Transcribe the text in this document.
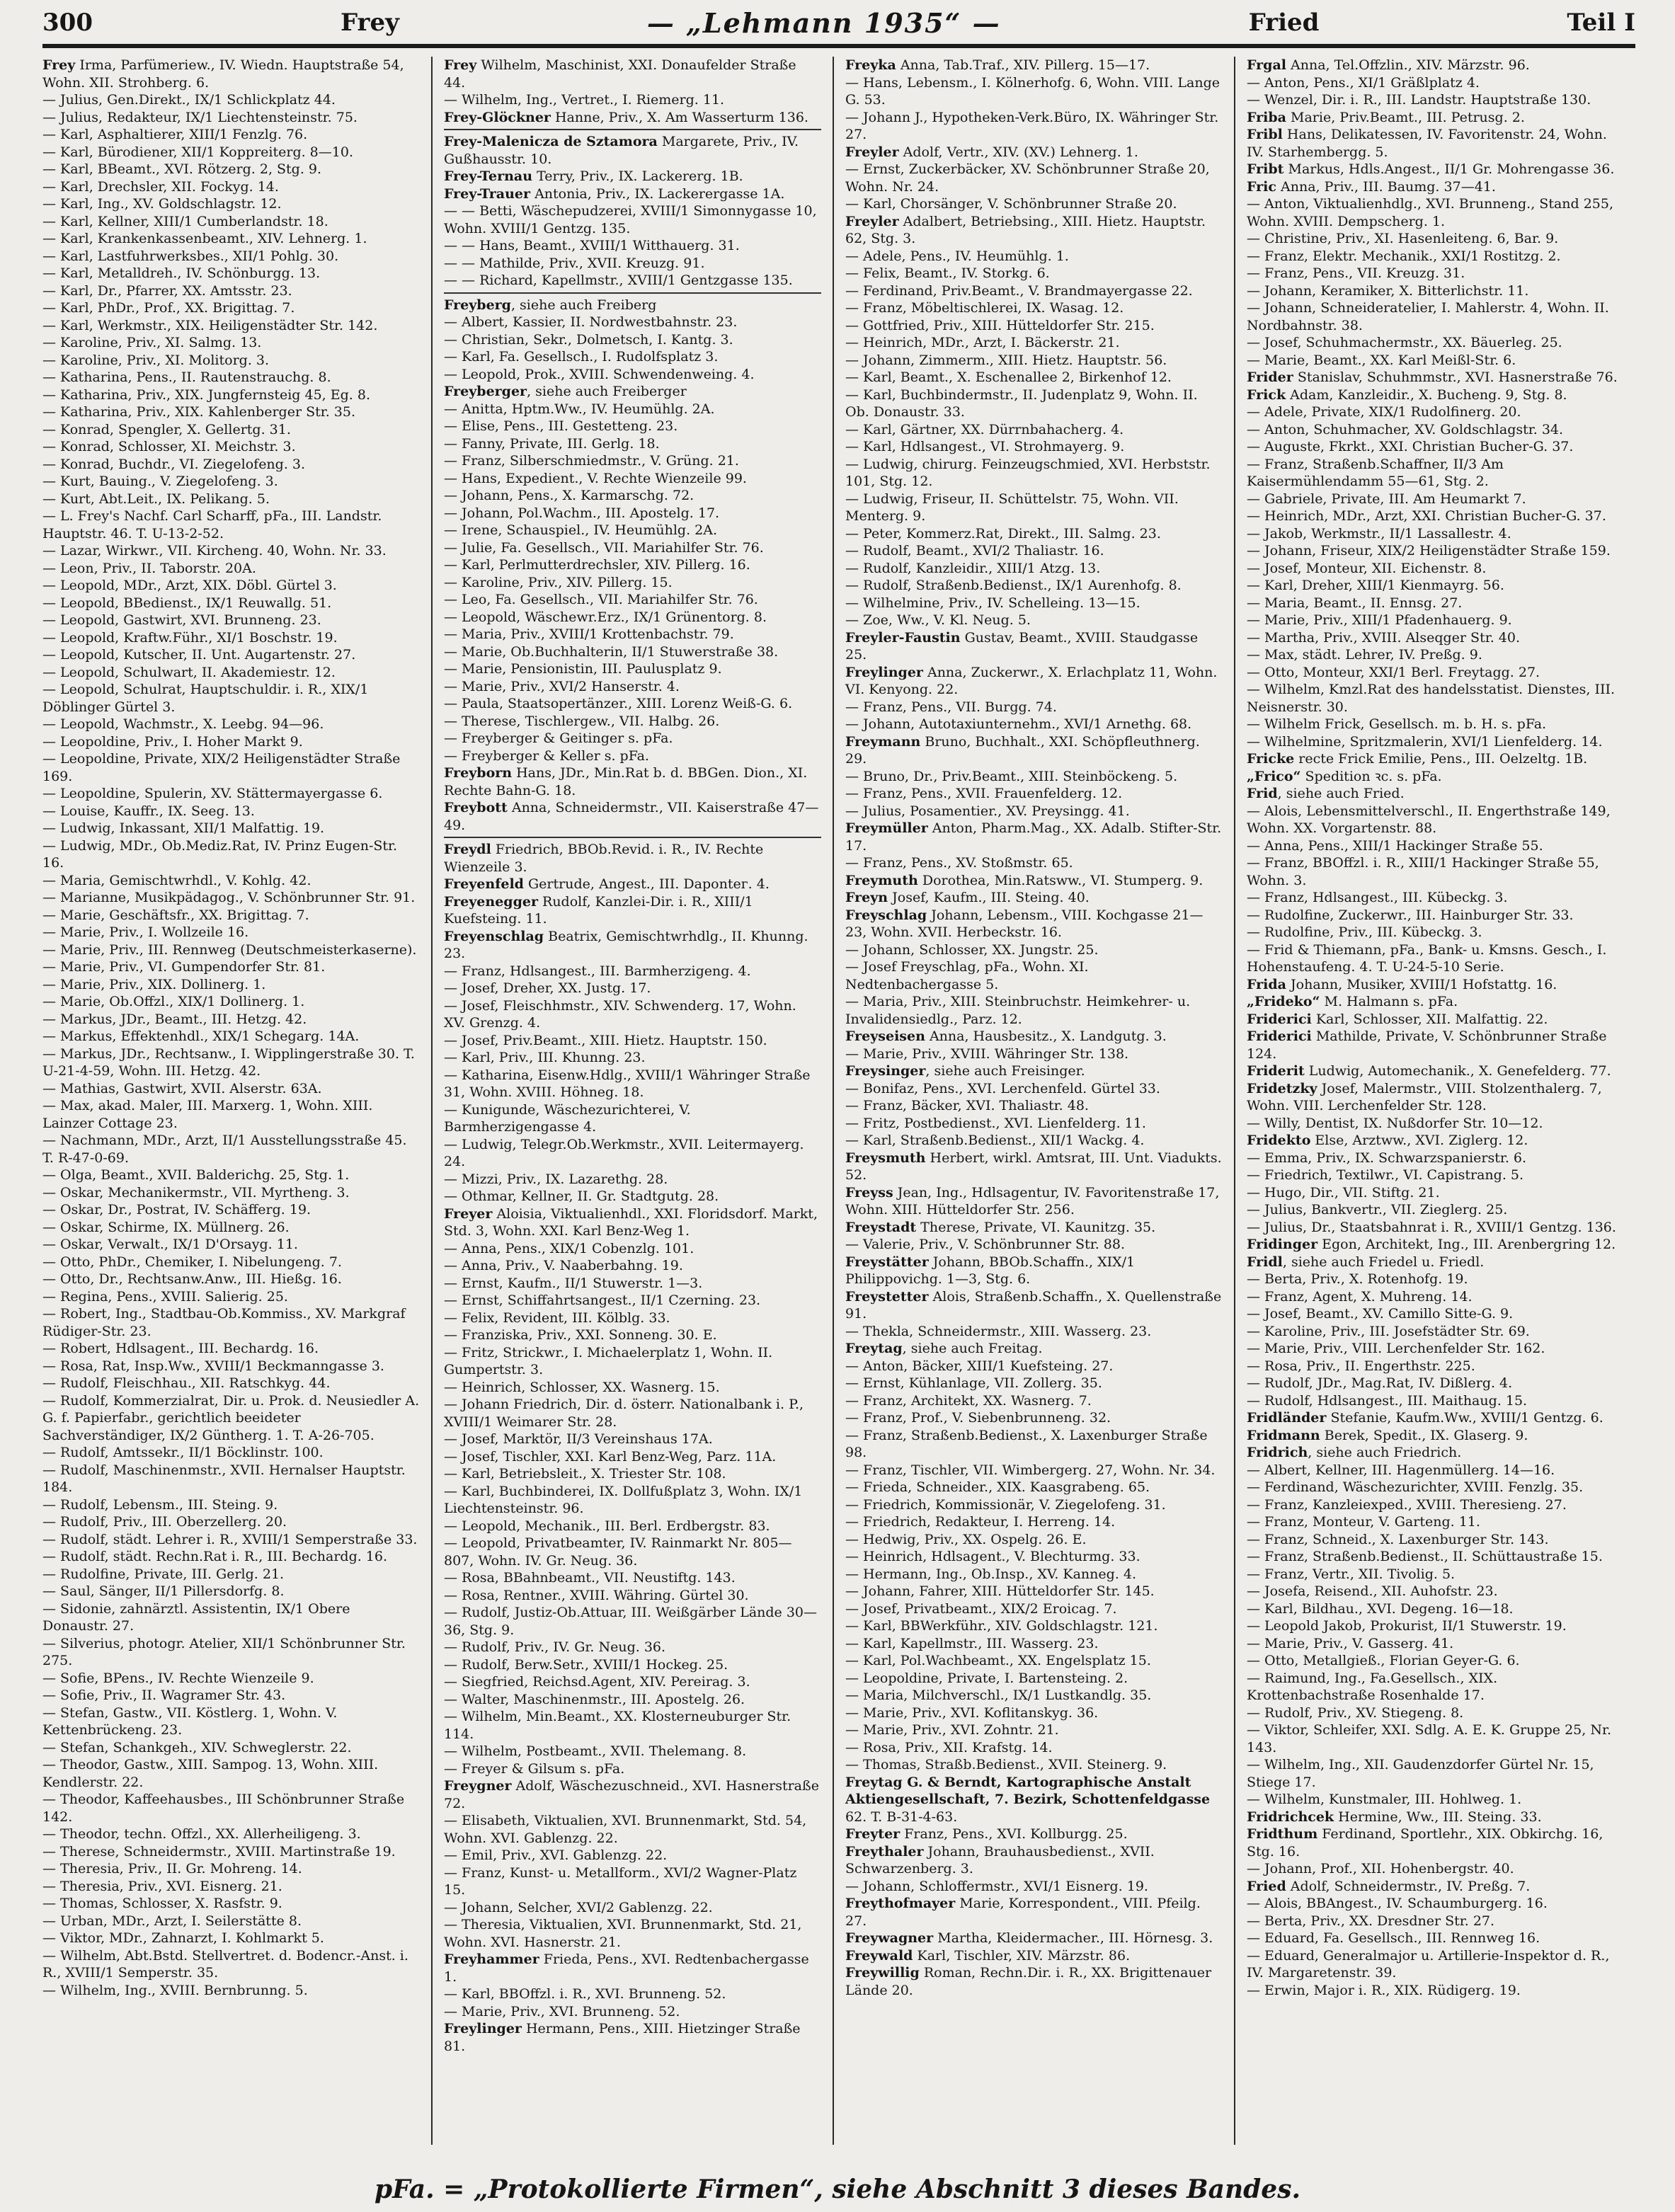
300	Frey	— „Lehmann 1935“ —	Fried	Teil I
Frey Irma, Parfümeriew., IV. Wiedn. Hauptstraße 54, Wohn. XII. Strohberg. 6.
— Julius, Gen.Direkt., IX/1 Schlickplatz 44.
— Julius, Redakteur, IX/1 Liechtensteinstr. 75.
— Karl, Asphaltierer, XIII/1 Fenzlg. 76.
— Karl, Bürodiener, XII/1 Koppreiterg. 8—10.
— Karl, BBeamt., XVI. Rötzerg. 2, Stg. 9.
— Karl, Drechsler, XII. Fockyg. 14.
— Karl, Ing., XV. Goldschlagstr. 12.
— Karl, Kellner, XIII/1 Cumberlandstr. 18.
— Karl, Krankenkassenbeamt., XIV. Lehnerg. 1.
— Karl, Lastfuhrwerksbes., XII/1 Pohlg. 30.
— Karl, Metalldreh., IV. Schönburgg. 13.
— Karl, Dr., Pfarrer, XX. Amtsstr. 23.
— Karl, PhDr., Prof., XX. Brigittag. 7.
— Karl, Werkmstr., XIX. Heiligenstädter Str. 142.
— Karoline, Priv., XI. Salmg. 13.
— Karoline, Priv., XI. Molitorg. 3.
— Katharina, Pens., II. Rautenstrauchg. 8.
— Katharina, Priv., XIX. Jungfernsteig 45, Eg. 8.
— Katharina, Priv., XIX. Kahlenberger Str. 35.
— Konrad, Spengler, X. Gellertg. 31.
— Konrad, Schlosser, XI. Meichstr. 3.
— Konrad, Buchdr., VI. Ziegelofeng. 3.
— Kurt, Bauing., V. Ziegelofeng. 3.
— Kurt, Abt.Leit., IX. Pelikang. 5.
— L. Frey's Nachf. Carl Scharff, pFa., III. Landstr. Hauptstr. 46. T. U-13-2-52.
— Lazar, Wirkwr., VII. Kircheng. 40, Wohn. Nr. 33.
— Leon, Priv., II. Taborstr. 20A.
— Leopold, MDr., Arzt, XIX. Döbl. Gürtel 3.
— Leopold, BBedienst., IX/1 Reuwallg. 51.
— Leopold, Gastwirt, XVI. Brunneng. 23.
— Leopold, Kraftw.Führ., XI/1 Boschstr. 19.
— Leopold, Kutscher, II. Unt. Augartenstr. 27.
— Leopold, Schulwart, II. Akademiestr. 12.
— Leopold, Schulrat, Hauptschuldir. i. R., XIX/1 Döblinger Gürtel 3.
— Leopold, Wachmstr., X. Leebg. 94—96.
— Leopoldine, Priv., I. Hoher Markt 9.
— Leopoldine, Private, XIX/2 Heiligenstädter Straße 169.
— Leopoldine, Spulerin, XV. Stättermayergasse 6.
— Louise, Kauffr., IX. Seeg. 13.
— Ludwig, Inkassant, XII/1 Malfattig. 19.
— Ludwig, MDr., Ob.Mediz.Rat, IV. Prinz Eugen-Str. 16.
— Maria, Gemischtwrhdl., V. Kohlg. 42.
— Marianne, Musikpädagog., V. Schönbrunner Str. 91.
— Marie, Geschäftsfr., XX. Brigittag. 7.
— Marie, Priv., I. Wollzeile 16.
— Marie, Priv., III. Rennweg (Deutschmeisterkaserne).
— Marie, Priv., VI. Gumpendorfer Str. 81.
— Marie, Priv., XIX. Dollinerg. 1.
— Marie, Ob.Offzl., XIX/1 Dollinerg. 1.
— Markus, JDr., Beamt., III. Hetzg. 42.
— Markus, Effektenhdl., XIX/1 Schegarg. 14A.
— Markus, JDr., Rechtsanw., I. Wipplingerstraße 30. T. U-21-4-59, Wohn. III. Hetzg. 42.
— Mathias, Gastwirt, XVII. Alserstr. 63A.
— Max, akad. Maler, III. Marxerg. 1, Wohn. XIII. Lainzer Cottage 23.
— Nachmann, MDr., Arzt, II/1 Ausstellungsstraße 45. T. R-47-0-69.
— Olga, Beamt., XVII. Balderichg. 25, Stg. 1.
— Oskar, Mechanikermstr., VII. Myrtheng. 3.
— Oskar, Dr., Postrat, IV. Schäfferg. 19.
— Oskar, Schirme, IX. Müllnerg. 26.
— Oskar, Verwalt., IX/1 D'Orsayg. 11.
— Otto, PhDr., Chemiker, I. Nibelungeng. 7.
— Otto, Dr., Rechtsanw.Anw., III. Hießg. 16.
— Regina, Pens., XVIII. Salierig. 25.
— Robert, Ing., Stadtbau-Ob.Kommiss., XV. Markgraf Rüdiger-Str. 23.
— Robert, Hdlsagent., III. Bechardg. 16.
— Rosa, Rat, Insp.Ww., XVIII/1 Beckmanngasse 3.
— Rudolf, Fleischhau., XII. Ratschkyg. 44.
— Rudolf, Kommerzialrat, Dir. u. Prok. d. Neusiedler A. G. f. Papierfabr., gerichtlich beeideter Sachverständiger, IX/2 Güntherg. 1. T. A-26-705.
— Rudolf, Amtssekr., II/1 Böcklinstr. 100.
— Rudolf, Maschinenmstr., XVII. Hernalser Hauptstr. 184.
— Rudolf, Lebensm., III. Steing. 9.
— Rudolf, Priv., III. Oberzellerg. 20.
— Rudolf, städt. Lehrer i. R., XVIII/1 Semperstraße 33.
— Rudolf, städt. Rechn.Rat i. R., III. Bechardg. 16.
— Rudolfine, Private, III. Gerlg. 21.
— Saul, Sänger, II/1 Pillersdorfg. 8.
— Sidonie, zahnärztl. Assistentin, IX/1 Obere Donaustr. 27.
— Silverius, photogr. Atelier, XII/1 Schönbrunner Str. 275.
— Sofie, BPens., IV. Rechte Wienzeile 9.
— Sofie, Priv., II. Wagramer Str. 43.
— Stefan, Gastw., VII. Köstlerg. 1, Wohn. V. Kettenbrückeng. 23.
— Stefan, Schankgeh., XIV. Schweglerstr. 22.
— Theodor, Gastw., XIII. Sampog. 13, Wohn. XIII. Kendlerstr. 22.
— Theodor, Kaffeehausbes., III Schönbrunner Straße 142.
— Theodor, techn. Offzl., XX. Allerheiligeng. 3.
— Therese, Schneidermstr., XVIII. Martinstraße 19.
— Theresia, Priv., II. Gr. Mohreng. 14.
— Theresia, Priv., XVI. Eisnerg. 21.
— Thomas, Schlosser, X. Rasfstr. 9.
— Urban, MDr., Arzt, I. Seilerstätte 8.
— Viktor, MDr., Zahnarzt, I. Kohlmarkt 5.
— Wilhelm, Abt.Bstd. Stellvertret. d. Bodencr.-Anst. i. R., XVIII/1 Semperstr. 35.
— Wilhelm, Ing., XVIII. Bernbrunng. 5.
Frey Wilhelm, Maschinist, XXI. Donaufelder Straße 44.
— Wilhelm, Ing., Vertret., I. Riemerg. 11.
Frey-Glöckner Hanne, Priv., X. Am Wasserturm 136.
Frey-Malenicza de Sztamora Margarete, Priv., IV. Gußhausstr. 10.
Frey-Ternau Terry, Priv., IX. Lackererg. 1B.
Frey-Trauer Antonia, Priv., IX. Lackerergasse 1A.
— — Betti, Wäschepudzerei, XVIII/1 Simonnygasse 10, Wohn. XVIII/1 Gentzg. 135.
— — Hans, Beamt., XVIII/1 Witthauerg. 31.
— — Mathilde, Priv., XVII. Kreuzg. 91.
— — Richard, Kapellmstr., XVIII/1 Gentzgasse 135.
Freyberg, siehe auch Freiberg
— Albert, Kassier, II. Nordwestbahnstr. 23.
— Christian, Sekr., Dolmetsch, I. Kantg. 3.
— Karl, Fa. Gesellsch., I. Rudolfsplatz 3.
— Leopold, Prok., XVIII. Schwendenweing. 4.
Freyberger, siehe auch Freiberger
— Anitta, Hptm.Ww., IV. Heumühlg. 2A.
— Elise, Pens., III. Gestetteng. 23.
— Fanny, Private, III. Gerlg. 18.
— Franz, Silberschmiedmstr., V. Grüng. 21.
— Hans, Expedient., V. Rechte Wienzeile 99.
— Johann, Pens., X. Karmarschg. 72.
— Johann, Pol.Wachm., III. Apostelg. 17.
— Irene, Schauspiel., IV. Heumühlg. 2A.
— Julie, Fa. Gesellsch., VII. Mariahilfer Str. 76.
— Karl, Perlmutterdrechsler, XIV. Pillerg. 16.
— Karoline, Priv., XIV. Pillerg. 15.
— Leo, Fa. Gesellsch., VII. Mariahilfer Str. 76.
— Leopold, Wäschewr.Erz., IX/1 Grünentorg. 8.
— Maria, Priv., XVIII/1 Krottenbachstr. 79.
— Marie, Ob.Buchhalterin, II/1 Stuwerstraße 38.
— Marie, Pensionistin, III. Paulusplatz 9.
— Marie, Priv., XVI/2 Hanserstr. 4.
— Paula, Staatsopertänzer., XIII. Lorenz Weiß-G. 6.
— Therese, Tischlergew., VII. Halbg. 26.
— Freyberger & Geitinger s. pFa.
— Freyberger & Keller s. pFa.
Freyborn Hans, JDr., Min.Rat b. d. BBGen. Dion., XI. Rechte Bahn-G. 18.
Freybott Anna, Schneidermstr., VII. Kaiserstraße 47—49.
Freydl Friedrich, BBOb.Revid. i. R., IV. Rechte Wienzeile 3.
Freyenfeld Gertrude, Angest., III. Dapontег. 4.
Freyenegger Rudolf, Kanzlei-Dir. i. R., XIII/1 Kuefsteing. 11.
Freyenschlag Beatrix, Gemischtwrhdlg., II. Khunng. 23.
— Franz, Hdlsangest., III. Barmherzigeng. 4.
— Josef, Dreher, XX. Justg. 17.
— Josef, Fleischhmstr., XIV. Schwenderg. 17, Wohn. XV. Grenzg. 4.
— Josef, Priv.Beamt., XIII. Hietz. Hauptstr. 150.
— Karl, Priv., III. Khunng. 23.
— Katharina, Eisenw.Hdlg., XVIII/1 Währinger Straße 31, Wohn. XVIII. Höhneg. 18.
— Kunigunde, Wäschezurichterei, V. Barmherzigengasse 4.
— Ludwig, Telegr.Ob.Werkmstr., XVII. Leitermayerg. 24.
— Mizzi, Priv., IX. Lazarethg. 28.
— Othmar, Kellner, II. Gr. Stadtgutg. 28.
Freyer Aloisia, Viktualienhdl., XXI. Floridsdorf. Markt, Std. 3, Wohn. XXI. Karl Benz-Weg 1.
— Anna, Pens., XIX/1 Cobenzlg. 101.
— Anna, Priv., V. Naaberbahng. 19.
— Ernst, Kaufm., II/1 Stuwerstr. 1—3.
— Ernst, Schiffahrtsangest., II/1 Czerning. 23.
— Felix, Revident, III. Kölblg. 33.
— Franziska, Priv., XXI. Sonneng. 30. E.
— Fritz, Strickwr., I. Michaelerplatz 1, Wohn. II. Gumpertstr. 3.
— Heinrich, Schlosser, XX. Wasnerg. 15.
— Johann Friedrich, Dir. d. österr. Nationalbank i. P., XVIII/1 Weimarer Str. 28.
— Josef, Marktör, II/3 Vereinshaus 17A.
— Josef, Tischler, XXI. Karl Benz-Weg, Parz. 11A.
— Karl, Betriebsleit., X. Triester Str. 108.
— Karl, Buchbinderei, IX. Dollfußplatz 3, Wohn. IX/1 Liechtensteinstr. 96.
— Leopold, Mechanik., III. Berl. Erdbergstr. 83.
— Leopold, Privatbeamter, IV. Rainmarkt Nr. 805—807, Wohn. IV. Gr. Neug. 36.
— Rosa, BBahnbeamt., VII. Neustiftg. 143.
— Rosa, Rentner., XVIII. Währing. Gürtel 30.
— Rudolf, Justiz-Ob.Attuar, III. Weißgärber Lände 30—36, Stg. 9.
— Rudolf, Priv., IV. Gr. Neug. 36.
— Rudolf, Berw.Setr., XVIII/1 Hockeg. 25.
— Siegfried, Reichsd.Agent, XIV. Pereirag. 3.
— Walter, Maschinenmstr., III. Apostelg. 26.
— Wilhelm, Min.Beamt., XX. Klosterneuburger Str. 114.
— Wilhelm, Postbeamt., XVII. Thelemang. 8.
— Freyer & Gilsum s. pFa.
Freygner Adolf, Wäschezuschneid., XVI. Hasnerstraße 72.
— Elisabeth, Viktualien, XVI. Brunnenmarkt, Std. 54, Wohn. XVI. Gablenzg. 22.
— Emil, Priv., XVI. Gablenzg. 22.
— Franz, Kunst- u. Metallform., XVI/2 Wagner-Platz 15.
— Johann, Selcher, XVI/2 Gablenzg. 22.
— Theresia, Viktualien, XVI. Brunnenmarkt, Std. 21, Wohn. XVI. Hasnerstr. 21.
Freyhammer Frieda, Pens., XVI. Redtenbachergasse 1.
— Karl, BBOffzl. i. R., XVI. Brunneng. 52.
— Marie, Priv., XVI. Brunneng. 52.
Freylinger Hermann, Pens., XIII. Hietzinger Straße 81.
Freyka Anna, Tab.Traf., XIV. Pillerg. 15—17.
— Hans, Lebensm., I. Kölnerhofg. 6, Wohn. VIII. Lange G. 53.
— Johann J., Hypotheken-Verk.Büro, IX. Währinger Str. 27.
Freyler Adolf, Vertr., XIV. (XV.) Lehnerg. 1.
— Ernst, Zuckerbäcker, XV. Schönbrunner Straße 20, Wohn. Nr. 24.
— Karl, Chorsänger, V. Schönbrunner Straße 20.
Freyler Adalbert, Betriebsing., XIII. Hietz. Hauptstr. 62, Stg. 3.
— Adele, Pens., IV. Heumühlg. 1.
— Felix, Beamt., IV. Storkg. 6.
— Ferdinand, Priv.Beamt., V. Brandmayergasse 22.
— Franz, Möbeltischlerei, IX. Wasag. 12.
— Gottfried, Priv., XIII. Hütteldorfer Str. 215.
— Heinrich, MDr., Arzt, I. Bäckerstr. 21.
— Johann, Zimmerm., XIII. Hietz. Hauptstr. 56.
— Karl, Beamt., X. Eschenallee 2, Birkenhof 12.
— Karl, Buchbindermstr., II. Judenplatz 9, Wohn. II. Ob. Donaustr. 33.
— Karl, Gärtner, XX. Dürrnbahacherg. 4.
— Karl, Hdlsangest., VI. Strohmayerg. 9.
— Ludwig, chirurg. Feinzeugschmied, XVI. Herbststr. 101, Stg. 12.
— Ludwig, Friseur, II. Schüttelstr. 75, Wohn. VII. Menterg. 9.
— Peter, Kommerz.Rat, Direkt., III. Salmg. 23.
— Rudolf, Beamt., XVI/2 Thaliastr. 16.
— Rudolf, Kanzleidir., XIII/1 Atzg. 13.
— Rudolf, Straßenb.Bedienst., IX/1 Aurenhofg. 8.
— Wilhelmine, Priv., IV. Schelleing. 13—15.
— Zoe, Ww., V. Kl. Neug. 5.
Freyler-Faustin Gustav, Beamt., XVIII. Staudgasse 25.
Freylinger Anna, Zuckerwr., X. Erlachplatz 11, Wohn. VI. Kenyong. 22.
— Franz, Pens., VII. Burgg. 74.
— Johann, Autotaxiunternehm., XVI/1 Arnethg. 68.
Freymann Bruno, Buchhalt., XXI. Schöpfleuthnerg. 29.
— Bruno, Dr., Priv.Beamt., XIII. Steinböckeng. 5.
— Franz, Pens., XVII. Frauenfelderg. 12.
— Julius, Posamentier., XV. Preysingg. 41.
Freymüller Anton, Pharm.Mag., XX. Adalb. Stifter-Str. 17.
— Franz, Pens., XV. Stoßmstr. 65.
Freymuth Dorothea, Min.Ratsww., VI. Stumperg. 9.
Freyn Josef, Kaufm., III. Steing. 40.
Freyschlag Johann, Lebensm., VIII. Kochgasse 21—23, Wohn. XVII. Herbeckstr. 16.
— Johann, Schlosser, XX. Jungstr. 25.
— Josef Freyschlag, pFa., Wohn. XI. Nedtenbachergasse 5.
— Maria, Priv., XIII. Steinbruchstr. Heimkehrer- u. Invalidensiedlg., Parz. 12.
Freyseisen Anna, Hausbesitz., X. Landgutg. 3.
— Marie, Priv., XVIII. Währinger Str. 138.
Freysinger, siehe auch Freisinger.
— Bonifaz, Pens., XVI. Lerchenfeld. Gürtel 33.
— Franz, Bäcker, XVI. Thaliastr. 48.
— Fritz, Postbedienst., XVI. Lienfelderg. 11.
— Karl, Straßenb.Bedienst., XII/1 Wackg. 4.
Freysmuth Herbert, wirkl. Amtsrat, III. Unt. Viadukts. 52.
Freyss Jean, Ing., Hdlsagentur, IV. Favoritenstraße 17, Wohn. XIII. Hütteldorfer Str. 256.
Freystadt Therese, Private, VI. Kaunitzg. 35.
— Valerie, Priv., V. Schönbrunner Str. 88.
Freystätter Johann, BBOb.Schaffn., XIX/1 Philippovichg. 1—3, Stg. 6.
Freystetter Alois, Straßenb.Schaffn., X. Quellenstraße 91.
— Thekla, Schneidermstr., XIII. Wasserg. 23.
Freytag, siehe auch Freitag.
— Anton, Bäcker, XIII/1 Kuefsteing. 27.
— Ernst, Kühlanlage, VII. Zollerg. 35.
— Franz, Architekt, XX. Wasnerg. 7.
— Franz, Prof., V. Siebenbrunneng. 32.
— Franz, Straßenb.Bedienst., X. Laxenburger Straße 98.
— Franz, Tischler, VII. Wimbergerg. 27, Wohn. Nr. 34.
— Frieda, Schneider., XIX. Kaasgrabeng. 65.
— Friedrich, Kommissionär, V. Ziegelofeng. 31.
— Friedrich, Redakteur, I. Herreng. 14.
— Hedwig, Priv., XX. Ospelg. 26. E.
— Heinrich, Hdlsagent., V. Blechturmg. 33.
— Hermann, Ing., Ob.Insp., XV. Kanneg. 4.
— Johann, Fahrer, XIII. Hütteldorfer Str. 145.
— Josef, Privatbeamt., XIX/2 Eroicag. 7.
— Karl, BBWerkführ., XIV. Goldschlagstr. 121.
— Karl, Kapellmstr., III. Wasserg. 23.
— Karl, Pol.Wachbeamt., XX. Engelsplatz 15.
— Leopoldine, Private, I. Bartensteing. 2.
— Maria, Milchverschl., IX/1 Lustkandlg. 35.
— Marie, Priv., XVI. Koflitanskyg. 36.
— Marie, Priv., XVI. Zohntr. 21.
— Rosa, Priv., XII. Krafstg. 14.
— Thomas, Straßb.Bedienst., XVII. Steinerg. 9.
Freytag G. & Berndt, Kartographische Anstalt Aktiengesellschaft, 7. Bezirk, Schottenfeldgasse 62. T. B-31-4-63.
Freyter Franz, Pens., XVI. Kollburgg. 25.
Freythaler Johann, Brauhausbedienst., XVII. Schwarzenberg. 3.
— Johann, Schloffermstr., XVI/1 Eisnerg. 19.
Freythofmayer Marie, Korrespondent., VIII. Pfeilg. 27.
Freywagner Martha, Kleidermacher., III. Hörnesg. 3.
Freywald Karl, Tischler, XIV. Märzstr. 86.
Freywillig Roman, Rechn.Dir. i. R., XX. Brigittenauer Lände 20.
Frgal Anna, Tel.Offzlin., XIV. Märzstr. 96.
— Anton, Pens., XI/1 Gräßlplatz 4.
— Wenzel, Dir. i. R., III. Landstr. Hauptstraße 130.
Friba Marie, Priv.Beamt., III. Petrusg. 2.
Fribl Hans, Delikatessen, IV. Favoritenstr. 24, Wohn. IV. Starhembergg. 5.
Fribt Markus, Hdls.Angest., II/1 Gr. Mohrengasse 36.
Fric Anna, Priv., III. Baumg. 37—41.
— Anton, Viktualienhdlg., XVI. Brunneng., Stand 255, Wohn. XVIII. Dempscherg. 1.
— Christine, Priv., XI. Hasenleiteng. 6, Bar. 9.
— Franz, Elektr. Mechanik., XXI/1 Rostitzg. 2.
— Franz, Pens., VII. Kreuzg. 31.
— Johann, Keramiker, X. Bitterlichstr. 11.
— Johann, Schneideratelier, I. Mahlerstr. 4, Wohn. II. Nordbahnstr. 38.
— Josef, Schuhmachermstr., XX. Bäuerleg. 25.
— Marie, Beamt., XX. Karl Meißl-Str. 6.
Frider Stanislav, Schuhmmstr., XVI. Hasnerstraße 76.
Frick Adam, Kanzleidir., X. Bucheng. 9, Stg. 8.
— Adele, Private, XIX/1 Rudolfinerg. 20.
— Anton, Schuhmacher, XV. Goldschlagstr. 34.
— Auguste, Fkrkt., XXI. Christian Bucher-G. 37.
— Franz, Straßenb.Schaffner, II/3 Am Kaisermühlendamm 55—61, Stg. 2.
— Gabriele, Private, III. Am Heumarkt 7.
— Heinrich, MDr., Arzt, XXI. Christian Bucher-G. 37.
— Jakob, Werkmstr., II/1 Lassallestr. 4.
— Johann, Friseur, XIX/2 Heiligenstädter Straße 159.
— Josef, Monteur, XII. Eichenstr. 8.
— Karl, Dreher, XIII/1 Kienmayrg. 56.
— Maria, Beamt., II. Ennsg. 27.
— Marie, Priv., XIII/1 Pfadenhauerg. 9.
— Martha, Priv., XVIII. Alseqger Str. 40.
— Max, städt. Lehrer, IV. Preßg. 9.
— Otto, Monteur, XXI/1 Berl. Freytagg. 27.
— Wilhelm, Kmzl.Rat des handelsstatist. Dienstes, III. Neisnerstr. 30.
— Wilhelm Frick, Gesellsch. m. b. H. s. pFa.
— Wilhelmine, Spritzmalerin, XVI/1 Lienfelderg. 14.
Fricke recte Frick Emilie, Pens., III. Oelzeltg. 1B.
„Frico“ Spedition ꝛc. s. pFa.
Frid, siehe auch Fried.
— Alois, Lebensmittelverschl., II. Engerthstraße 149, Wohn. XX. Vorgartenstr. 88.
— Anna, Pens., XIII/1 Hackinger Straße 55.
— Franz, BBOffzl. i. R., XIII/1 Hackinger Straße 55, Wohn. 3.
— Franz, Hdlsangest., III. Kübeckg. 3.
— Rudolfine, Zuckerwr., III. Hainburger Str. 33.
— Rudolfine, Priv., III. Kübeckg. 3.
— Frid & Thiemann, pFa., Bank- u. Kmsns. Gesch., I. Hohenstaufeng. 4. T. U-24-5-10 Serie.
Frida Johann, Musiker, XVIII/1 Hofstattg. 16.
„Frideko“ M. Halmann s. pFa.
Friderici Karl, Schlosser, XII. Malfattig. 22.
Friderici Mathilde, Private, V. Schönbrunner Straße 124.
Friderit Ludwig, Automechanik., X. Genefelderg. 77.
Fridetzky Josef, Malermstr., VIII. Stolzenthalerg. 7, Wohn. VIII. Lerchenfelder Str. 128.
— Willy, Dentist, IX. Nußdorfer Str. 10—12.
Fridekto Else, Arztww., XVI. Ziglerg. 12.
— Emma, Priv., IX. Schwarzspanierstr. 6.
— Friedrich, Textilwr., VI. Capistrang. 5.
— Hugo, Dir., VII. Stiftg. 21.
— Julius, Bankvertr., VII. Zieglerg. 25.
— Julius, Dr., Staatsbahnrat i. R., XVIII/1 Gentzg. 136.
Fridinger Egon, Architekt, Ing., III. Arenbergring 12.
Fridl, siehe auch Friedel u. Friedl.
— Berta, Priv., X. Rotenhofg. 19.
— Franz, Agent, X. Muhreng. 14.
— Josef, Beamt., XV. Camillo Sitte-G. 9.
— Karoline, Priv., III. Josefstädter Str. 69.
— Marie, Priv., VIII. Lerchenfelder Str. 162.
— Rosa, Priv., II. Engerthstr. 225.
— Rudolf, JDr., Mag.Rat, IV. Dißlerg. 4.
— Rudolf, Hdlsangest., III. Maithaug. 15.
Fridländer Stefanie, Kaufm.Ww., XVIII/1 Gentzg. 6.
Fridmann Berek, Spedit., IX. Glaserg. 9.
Fridrich, siehe auch Friedrich.
— Albert, Kellner, III. Hagenmüllerg. 14—16.
— Ferdinand, Wäschezurichter, XVIII. Fenzlg. 35.
— Franz, Kanzleiexped., XVIII. Theresieng. 27.
— Franz, Monteur, V. Garteng. 11.
— Franz, Schneid., X. Laxenburger Str. 143.
— Franz, Straßenb.Bedienst., II. Schüttaustraße 15.
— Franz, Vertr., XII. Tivolig. 5.
— Josefa, Reisend., XII. Auhofstr. 23.
— Karl, Bildhau., XVI. Degeng. 16—18.
— Leopold Jakob, Prokurist, II/1 Stuwerstr. 19.
— Marie, Priv., V. Gasserg. 41.
— Otto, Metallgieß., Florian Geyer-G. 6.
— Raimund, Ing., Fa.Gesellsch., XIX. Krottenbachstraße Rosenhalde 17.
— Rudolf, Priv., XV. Stiegeng. 8.
— Viktor, Schleifer, XXI. Sdlg. A. E. K. Gruppe 25, Nr. 143.
— Wilhelm, Ing., XII. Gaudenzdorfer Gürtel Nr. 15, Stiege 17.
— Wilhelm, Kunstmaler, III. Hohlweg. 1.
Fridrichcek Hermine, Ww., III. Steing. 33.
Fridthum Ferdinand, Sportlehr., XIX. Obkirchg. 16, Stg. 16.
— Johann, Prof., XII. Hohenbergstr. 40.
Fried Adolf, Schneidermstr., IV. Preßg. 7.
— Alois, BBAngest., IV. Schaumburgerg. 16.
— Berta, Priv., XX. Dresdner Str. 27.
— Eduard, Fa. Gesellsch., III. Rennweg 16.
— Eduard, Generalmajor u. Artillerie-Inspektor d. R., IV. Margaretenstr. 39.
— Erwin, Major i. R., XIX. Rüdigerg. 19.
pFa. = „Protokollierte Firmen“, siehe Abschnitt 3 dieses Bandes.
